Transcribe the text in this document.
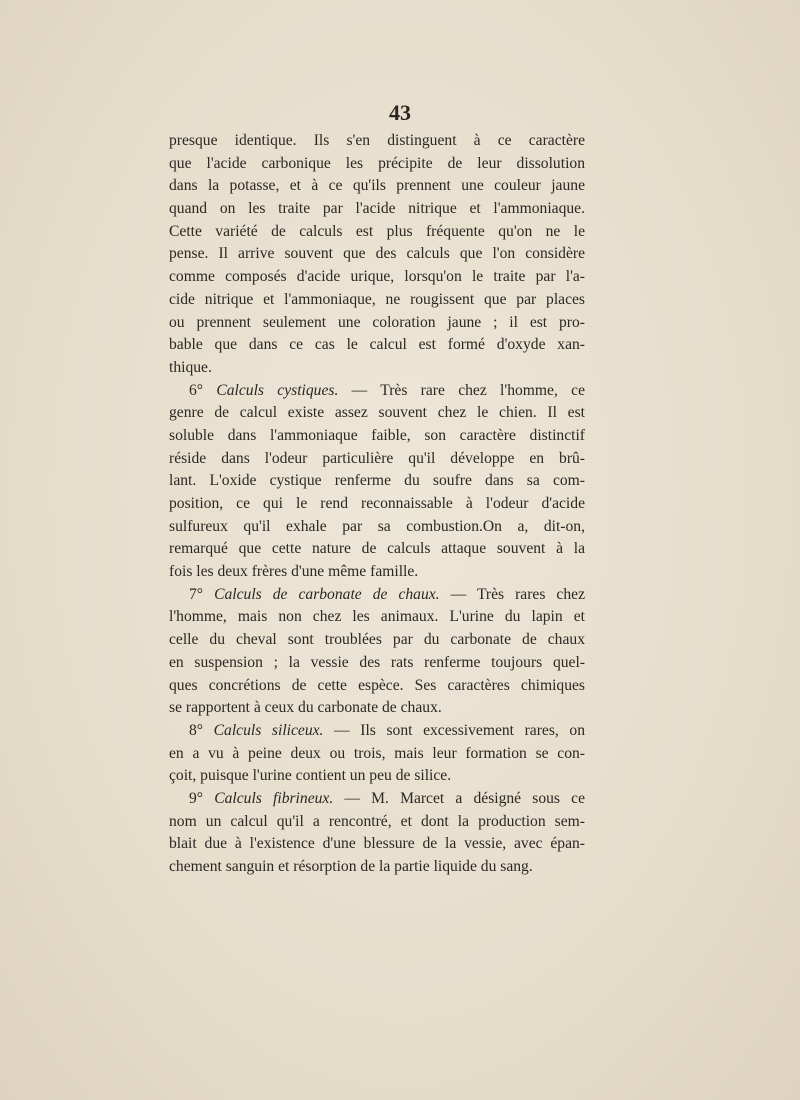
43
presque identique. Ils s'en distinguent à ce caractère
que l'acide carbonique les précipite de leur dissolution
dans la potasse, et à ce qu'ils prennent une couleur jaune
quand on les traite par l'acide nitrique et l'ammoniaque.
Cette variété de calculs est plus fréquente qu'on ne le
pense. Il arrive souvent que des calculs que l'on considère
comme composés d'acide urique, lorsqu'on le traite par l'a-
cide nitrique et l'ammoniaque, ne rougissent que par places
ou prennent seulement une coloration jaune ; il est pro-
bable que dans ce cas le calcul est formé d'oxyde xan-
thique.
6° Calculs cystiques. — Très rare chez l'homme, ce
genre de calcul existe assez souvent chez le chien. Il est
soluble dans l'ammoniaque faible, son caractère distinctif
réside dans l'odeur particulière qu'il développe en brû-
lant. L'oxide cystique renferme du soufre dans sa com-
position, ce qui le rend reconnaissable à l'odeur d'acide
sulfureux qu'il exhale par sa combustion.On a, dit-on,
remarqué que cette nature de calculs attaque souvent à la
fois les deux frères d'une même famille.
7° Calculs de carbonate de chaux. — Très rares chez
l'homme, mais non chez les animaux. L'urine du lapin et
celle du cheval sont troublées par du carbonate de chaux
en suspension ; la vessie des rats renferme toujours quel-
ques concrétions de cette espèce. Ses caractères chimiques
se rapportent à ceux du carbonate de chaux.
8° Calculs siliceux. — Ils sont excessivement rares, on
en a vu à peine deux ou trois, mais leur formation se con-
çoit, puisque l'urine contient un peu de silice.
9° Calculs fibrineux. — M. Marcet a désigné sous ce
nom un calcul qu'il a rencontré, et dont la production sem-
blait due à l'existence d'une blessure de la vessie, avec épan-
chement sanguin et résorption de la partie liquide du sang.
